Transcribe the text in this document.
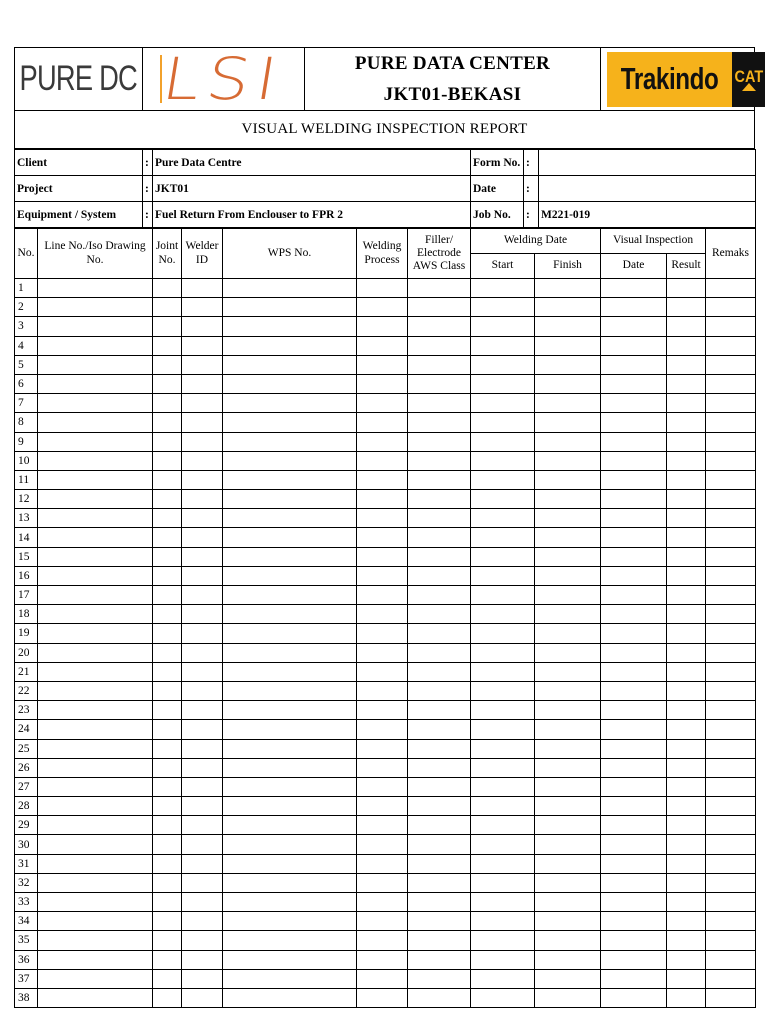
PURE DC LSI	PURE DATA CENTER
JKT01-BEKASI	Trakindo CAT
VISUAL WELDING INSPECTION REPORT
Client	:	Pure Data Centre	Form No.	:	
Project	:	JKT01	Date	:	
Equipment / System	:	Fuel Return From Enclouser to FPR 2	Job No.	:	M221-019
No.	Line No./Iso Drawing No.	Joint No.	Welder ID	WPS No.	Welding Process	Filler/ Electrode AWS Class	Welding Date		Visual Inspection		Remaks
							Start	Finish	Date	Result	
1											
2											
3											
4											
5											
6											
7											
8											
9											
10											
11											
12											
13											
14											
15											
16											
17											
18											
19											
20											
21											
22											
23											
24											
25											
26											
27											
28											
29											
30											
31											
32											
33											
34											
35											
36											
37											
38											
